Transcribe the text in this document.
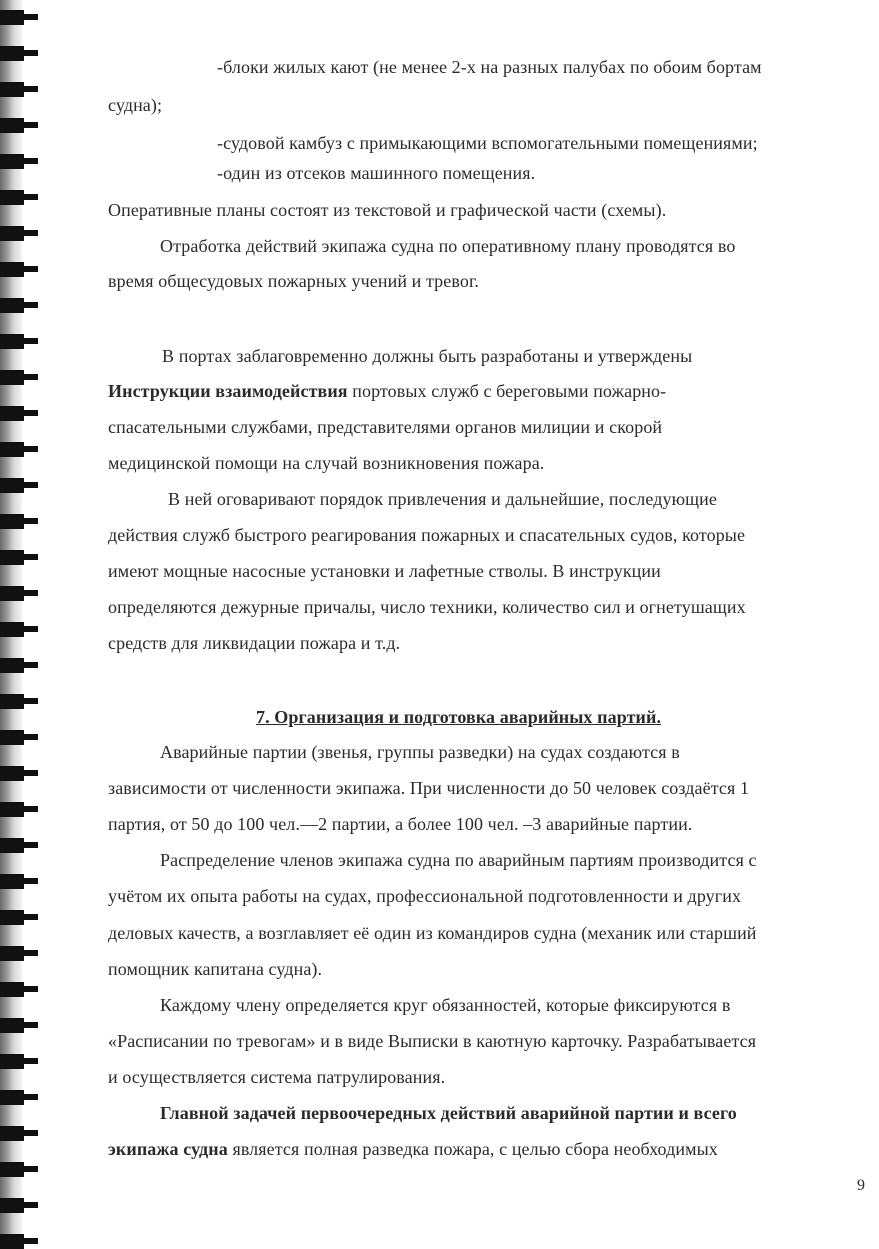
-блоки жилых кают (не менее 2-х на разных палубах по обоим бортам
судна);
-судовой камбуз с примыкающими вспомогательными помещениями;
-один из отсеков машинного помещения.
Оперативные планы состоят из текстовой и графической части (схемы).
Отработка действий экипажа судна по оперативному плану проводятся во
время общесудовых пожарных учений и тревог.
В портах заблаговременно должны быть разработаны и утверждены
Инструкции взаимодействия портовых служб с береговыми пожарно-
спасательными службами, представителями органов милиции и скорой
медицинской помощи на случай возникновения пожара.
В ней оговаривают порядок привлечения и дальнейшие, последующие
действия служб быстрого реагирования пожарных и спасательных судов, которые
имеют мощные насосные установки и лафетные стволы. В инструкции
определяются дежурные причалы, число техники, количество сил и огнетушащих
средств для ликвидации пожара и т.д.
7. Организация и подготовка аварийных партий.
Аварийные партии (звенья, группы разведки) на судах создаются в
зависимости от численности экипажа. При численности до 50 человек создаётся 1
партия, от 50 до 100 чел.—2 партии, а более 100 чел. –3 аварийные партии.
Распределение членов экипажа судна по аварийным партиям производится с
учётом их опыта работы на судах, профессиональной подготовленности и других
деловых качеств, а возглавляет её один из командиров судна (механик или старший
помощник капитана судна).
Каждому члену определяется круг обязанностей, которые фиксируются в
«Расписании по тревогам» и в виде Выписки в каютную карточку. Разрабатывается
и осуществляется система патрулирования.
Главной задачей первоочередных действий аварийной партии и всего
экипажа судна является полная разведка пожара, с целью сбора необходимых
9
